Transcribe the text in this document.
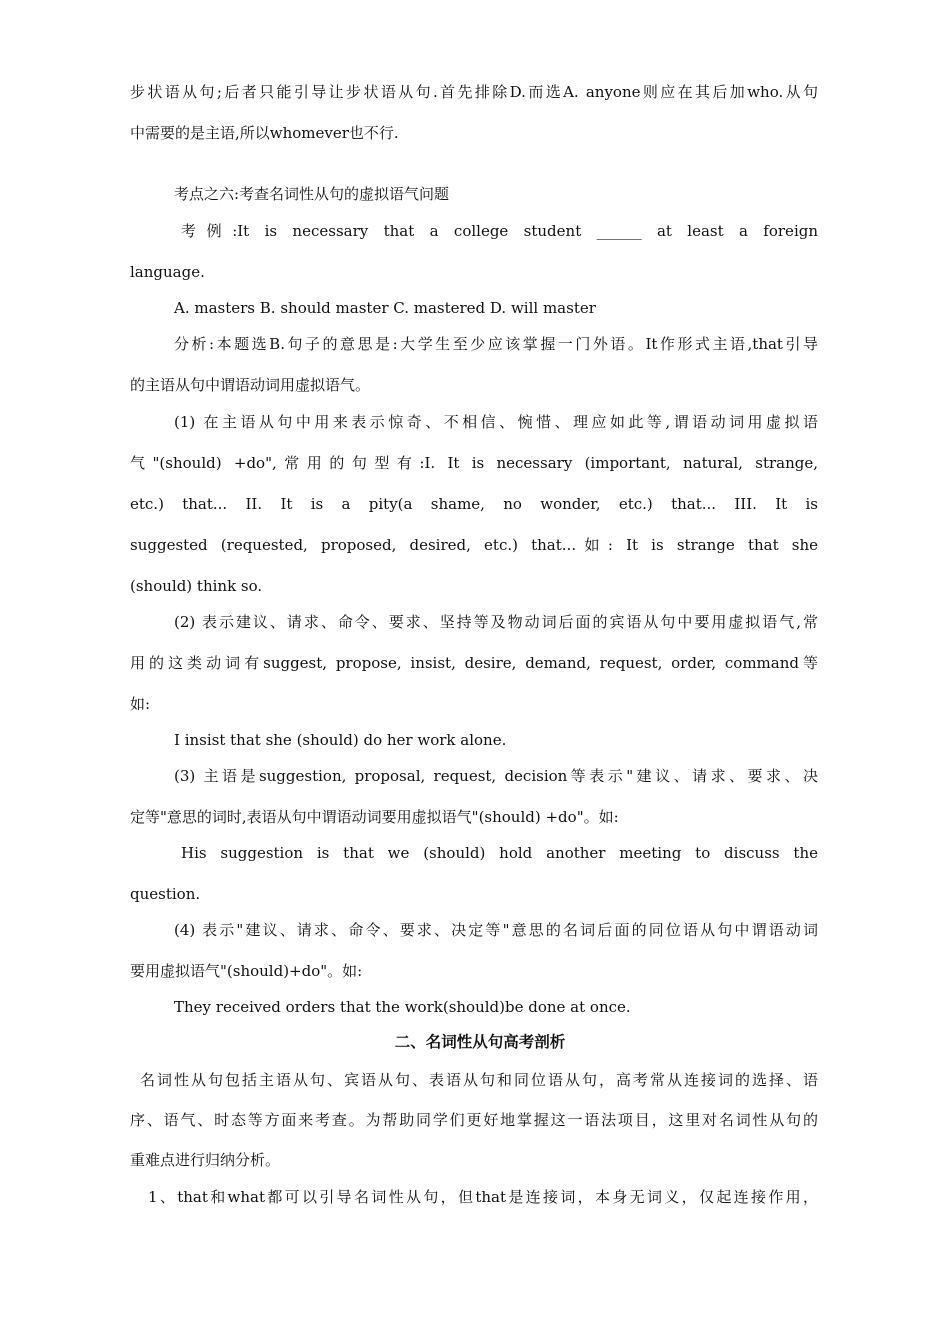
步状语从句;后者只能引导让步状语从句.首先排除D.而选A. anyone则应在其后加who.从句
中需要的是主语,所以whomever也不行.
考点之六:考查名词性从句的虚拟语气问题
考例:It is necessary that a college student ______ at least a foreign
language.
A. masters B. should master C. mastered D. will master
分析:本题选B.句子的意思是:大学生至少应该掌握一门外语。It作形式主语,that引导
的主语从句中谓语动词用虚拟语气。
(1) 在主语从句中用来表示惊奇、不相信、惋惜、理应如此等,谓语动词用虚拟语
气"(should) +do",常用的句型有:I. It is necessary (important, natural, strange,
etc.) that... II. It is a pity(a shame, no wonder, etc.) that... III. It is
suggested (requested, proposed, desired, etc.) that...如: It is strange that she
(should) think so.
(2) 表示建议、请求、命令、要求、坚持等及物动词后面的宾语从句中要用虚拟语气,常
用的这类动词有suggest, propose, insist, desire, demand, request, order, command等
如:
I insist that she (should) do her work alone.
(3) 主语是suggestion, proposal, request, decision等表示"建议、请求、要求、决
定等"意思的词时,表语从句中谓语动词要用虚拟语气"(should) +do"。如:
His suggestion is that we (should) hold another meeting to discuss the
question.
(4) 表示"建议、请求、命令、要求、决定等"意思的名词后面的同位语从句中谓语动词
要用虚拟语气"(should)+do"。如:
They received orders that the work(should)be done at once.
二、名词性从句高考剖析
名词性从句包括主语从句、宾语从句、表语从句和同位语从句，高考常从连接词的选择、语
序、语气、时态等方面来考查。为帮助同学们更好地掌握这一语法项目，这里对名词性从句的
重难点进行归纳分析。
1、that和what都可以引导名词性从句，但that是连接词，本身无词义，仅起连接作用，
